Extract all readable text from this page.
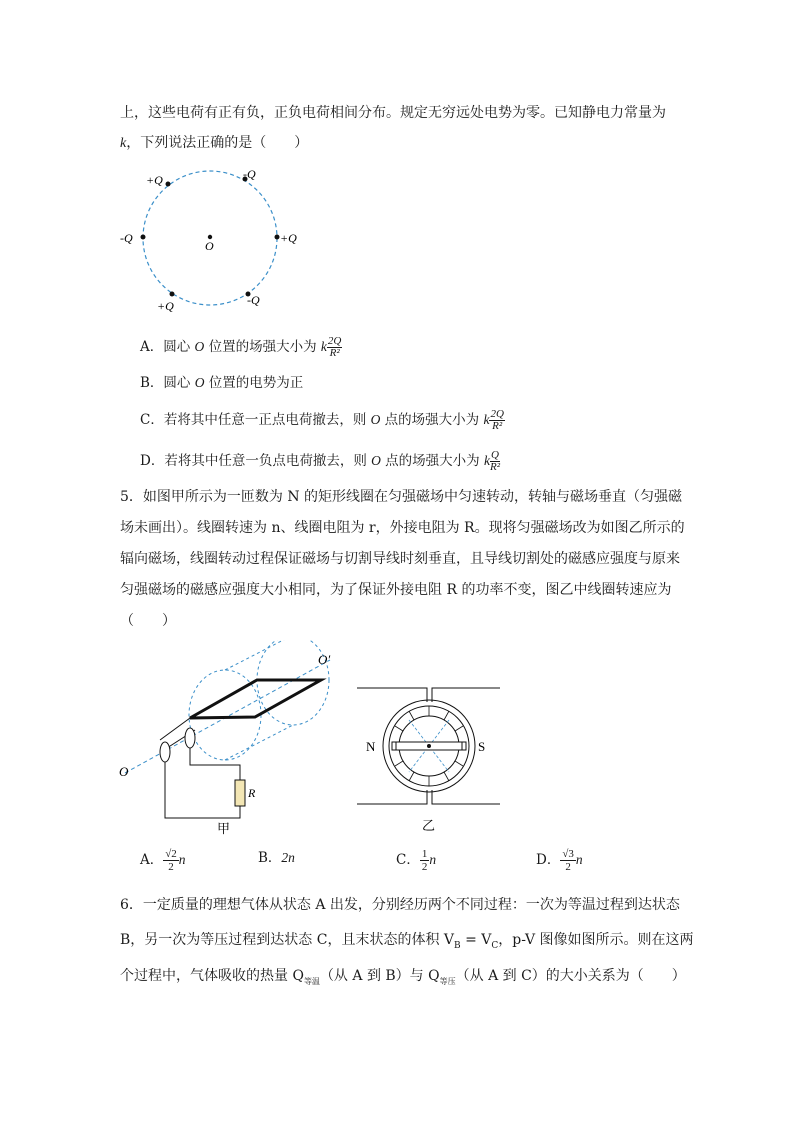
上，这些电荷有正有负，正负电荷相间分布。规定无穷远处电势为零。已知静电力常量为
k，下列说法正确的是（　　）
O
+Q	-Q
+Q
-Q
+Q
-Q
A．圆心 O 位置的场强大小为 k $\frac{2Q}{\text{R²}}$
B．圆心 O 位置的电势为正
C．若将其中任意一正点电荷撤去，则 O 点的场强大小为 k $\frac{2Q}{\text{R²}}$
D．若将其中任意一负点电荷撤去，则 O 点的场强大小为 k $\frac{Q}{\text{R²}}$
5．如图甲所示为一匝数为 N 的矩形线圈在匀强磁场中匀速转动，转轴与磁场垂直（匀强磁
场未画出）。线圈转速为 n、线圈电阻为 r，外接电阻为 R。现将匀强磁场改为如图乙所示的
辐向磁场，线圈转动过程保证磁场与切割导线时刻垂直，且导线切割处的磁感应强度与原来
匀强磁场的磁感应强度大小相同，为了保证外接电阻 R 的功率不变，图乙中线圈转速应为
（　　）
R
O
O′
甲
N	S
乙
A． $\frac{√2}{2}n$	B．2n	C． $\frac{1}{2}n$	D． $\frac{√3}{2}n$
6．一定质量的理想气体从状态 A 出发，分别经历两个不同过程：一次为等温过程到达状态
B，另一次为等压过程到达状态 C，且末状态的体积 $V_B = V_C$，p-V 图像如图所示。则在这两
个过程中，气体吸收的热量 $Q_{等温}$（从 A 到 B）与 $Q_{等压}$（从 A 到 C）的大小关系为（　　）
